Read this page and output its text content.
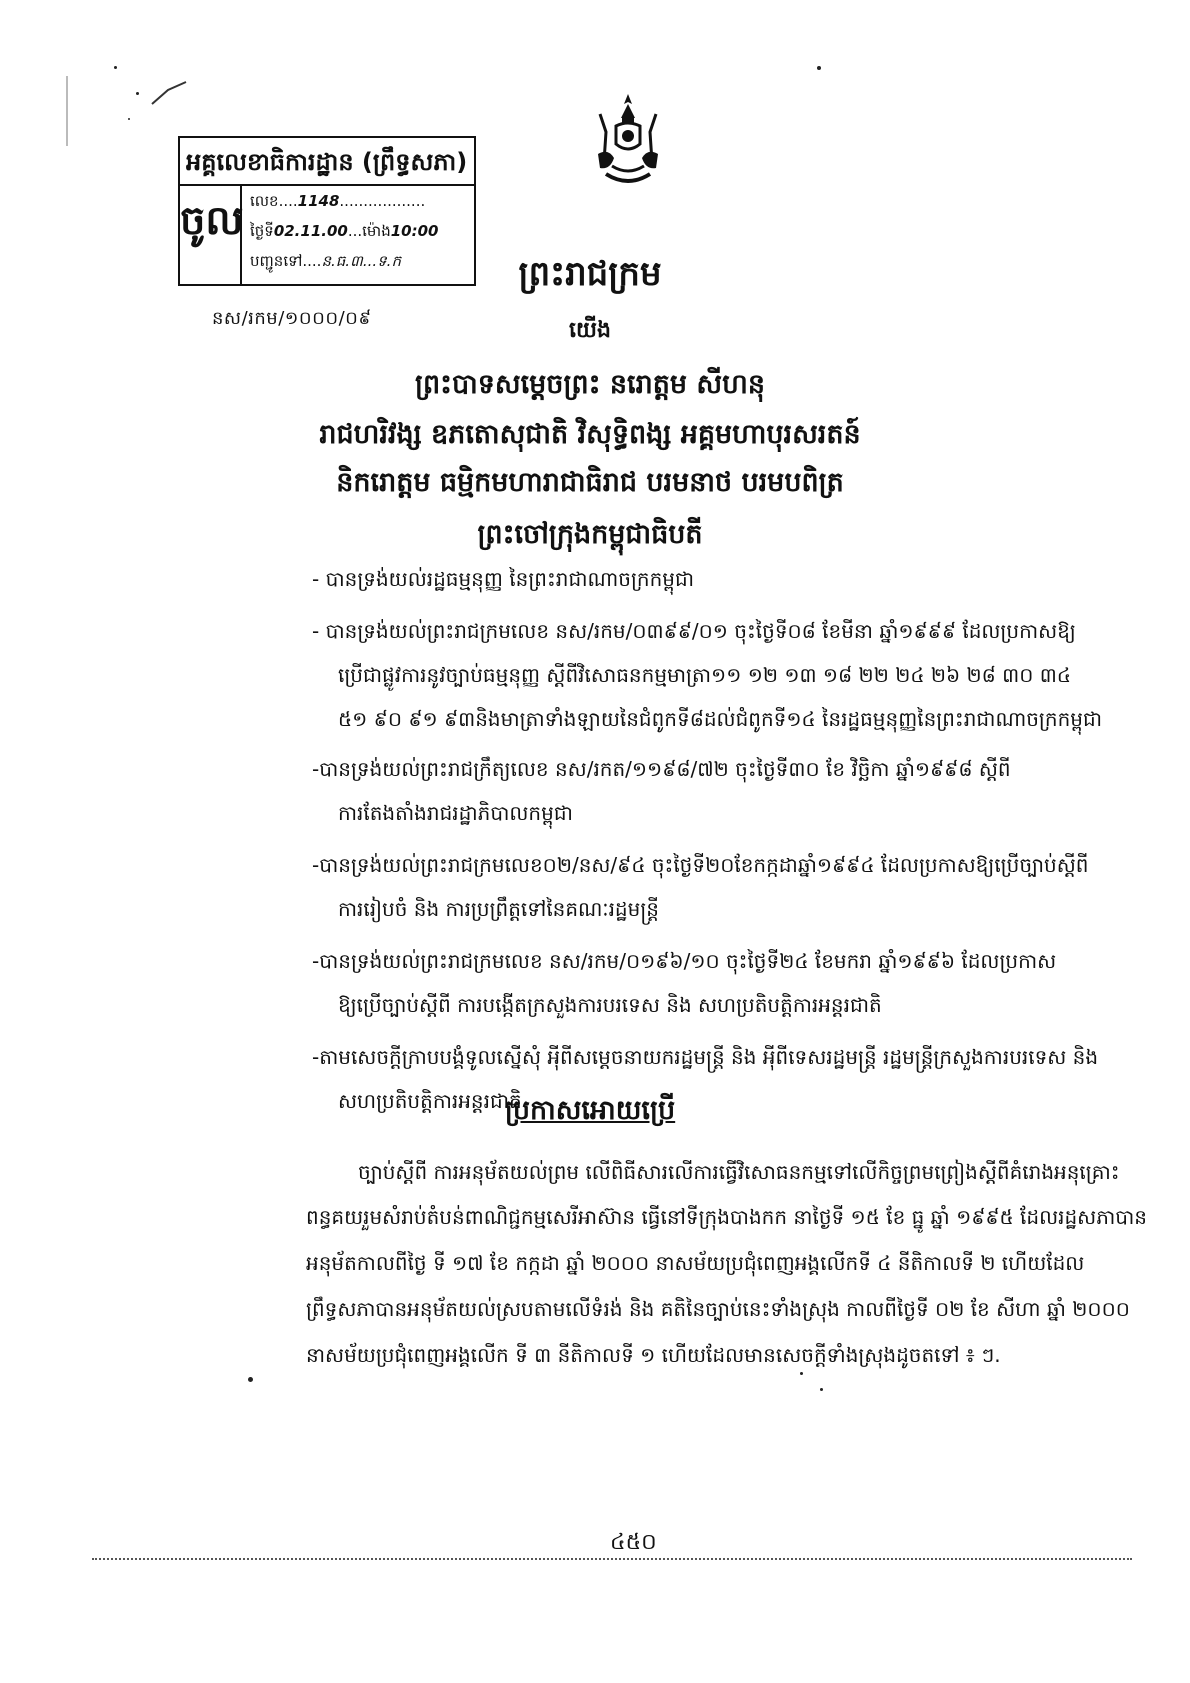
អគ្គលេខាធិការដ្ឋាន (ព្រឹទ្ធសភា)
ចូល លេខ....1148..................
ថ្ងៃទី02.11.00...ម៉ោង10:00
បញ្ជូនទៅ....ន.ធ.៣...ទ.ក
នស/រកម/១០០០/០៩
ព្រះរាជក្រម
យើង
ព្រះបាទសម្តេចព្រះ នរោត្តម សីហនុ
រាជហរិវង្ស ឧភតោសុជាតិ វិសុទ្ធិពង្ស អគ្គមហាបុរសរតន៍
និករោត្តម ធម្មិកមហារាជាធិរាជ បរមនាថ បរមបពិត្រ
ព្រះចៅក្រុងកម្ពុជាធិបតី
- បានទ្រង់យល់រដ្ឋធម្មនុញ្ញ នៃព្រះរាជាណាចក្រកម្ពុជា
- បានទ្រង់យល់ព្រះរាជក្រមលេខ នស/រកម/០៣៩៩/០១ ចុះថ្ងៃទី០៨ ខែមីនា ឆ្នាំ១៩៩៩ ដែលប្រកាសឱ្យ
ប្រើជាផ្លូវការនូវច្បាប់ធម្មនុញ្ញ ស្តីពីវិសោធនកម្មមាត្រា១១ ១២ ១៣ ១៨ ២២ ២៤ ២៦ ២៨ ៣០ ៣៤
៥១ ៩០ ៩១ ៩៣និងមាត្រាទាំងឡាយនៃជំពូកទី៨ដល់ជំពូកទី១៤ នៃរដ្ឋធម្មនុញ្ញនៃព្រះរាជាណាចក្រកម្ពុជា
-បានទ្រង់យល់ព្រះរាជក្រឹត្យលេខ នស/រកត/១១៩៨/៧២ ចុះថ្ងៃទី៣០ ខែ វិច្ឆិកា ឆ្នាំ១៩៩៨ ស្តីពី
ការតែងតាំងរាជរដ្ឋាភិបាលកម្ពុជា
-បានទ្រង់យល់ព្រះរាជក្រមលេខ០២/នស/៩៤ ចុះថ្ងៃទី២០ខែកក្កដាឆ្នាំ១៩៩៤ ដែលប្រកាសឱ្យប្រើច្បាប់ស្តីពី
ការរៀបចំ និង ការប្រព្រឹត្តទៅនៃគណៈរដ្ឋមន្ត្រី
-បានទ្រង់យល់ព្រះរាជក្រមលេខ នស/រកម/០១៩៦/១០ ចុះថ្ងៃទី២៤ ខែមករា ឆ្នាំ១៩៩៦ ដែលប្រកាស
ឱ្យប្រើច្បាប់ស្តីពី ការបង្កើតក្រសួងការបរទេស និង សហប្រតិបត្តិការអន្តរជាតិ
-តាមសេចក្តីក្រាបបង្គំទូលស្នើសុំ អ៉ីពីសម្តេចនាយករដ្ឋមន្ត្រី និង អ៉ីពីទេសរដ្ឋមន្ត្រី រដ្ឋមន្ត្រីក្រសួងការបរទេស និង
សហប្រតិបត្តិការអន្តរជាតិ
ប្រកាសអោយប្រើ
ច្បាប់ស្តីពី ការអនុម័តយល់ព្រម លើពិធីសារលើការធ្វើវិសោធនកម្មទៅលើកិច្ចព្រមព្រៀងស្តីពីគំរោងអនុគ្រោះ
ពន្ធគយរួមសំរាប់តំបន់ពាណិជ្ជកម្មសេរីអាស៊ាន ធ្វើនៅទីក្រុងបាងកក នាថ្ងៃទី ១៥ ខែ ធ្នូ ឆ្នាំ ១៩៩៥ ដែលរដ្ឋសភាបាន
អនុម័តកាលពីថ្ងៃ ទី ១៧ ខែ កក្កដា ឆ្នាំ ២០០០ នាសម័យប្រជុំពេញអង្គលើកទី ៤ នីតិកាលទី ២ ហើយដែល
ព្រឹទ្ធសភាបានអនុម័តយល់ស្របតាមលើទំរង់ និង គតិនៃច្បាប់នេះទាំងស្រុង កាលពីថ្ងៃទី ០២ ខែ សីហា ឆ្នាំ ២០០០
នាសម័យប្រជុំពេញអង្គលើក ទី ៣ នីតិកាលទី ១ ហើយដែលមានសេចក្តីទាំងស្រុងដូចតទៅ ៖ ៗ.
៤៥០
